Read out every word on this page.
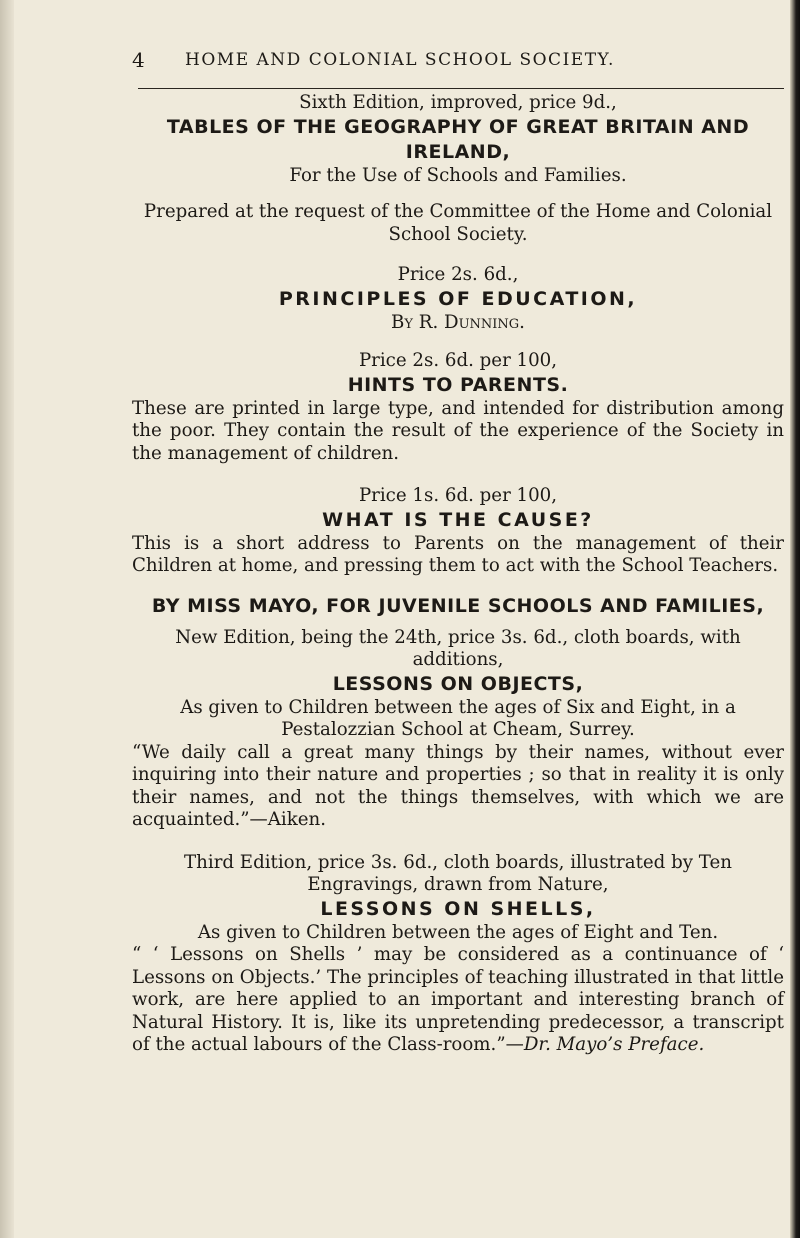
4	HOME AND COLONIAL SCHOOL SOCIETY.

Sixth Edition, improved, price 9d.,

TABLES OF THE GEOGRAPHY OF GREAT BRITAIN AND IRELAND,

For the Use of Schools and Families.

Prepared at the request of the Committee of the Home and Colonial School Society.

Price 2s. 6d.,

PRINCIPLES OF EDUCATION,

By R. Dunning.

Price 2s. 6d. per 100,

HINTS TO PARENTS.

These are printed in large type, and intended for distribution among the poor. They contain the result of the experience of the Society in the management of children.

Price 1s. 6d. per 100,

WHAT IS THE CAUSE?

This is a short address to Parents on the management of their Children at home, and pressing them to act with the School Teachers.

BY MISS MAYO, FOR JUVENILE SCHOOLS AND FAMILIES,

New Edition, being the 24th, price 3s. 6d., cloth boards, with additions,

LESSONS ON OBJECTS,

As given to Children between the ages of Six and Eight, in a Pestalozzian School at Cheam, Surrey.

“We daily call a great many things by their names, without ever inquiring into their nature and properties ; so that in reality it is only their names, and not the things themselves, with which we are acquainted.”—Aiken.

Third Edition, price 3s. 6d., cloth boards, illustrated by Ten Engravings, drawn from Nature,

LESSONS ON SHELLS,

As given to Children between the ages of Eight and Ten.

“ ‘ Lessons on Shells ’ may be considered as a continuance of ‘ Lessons on Objects.’ The principles of teaching illustrated in that little work, are here applied to an important and interesting branch of Natural History. It is, like its unpretending predecessor, a transcript of the actual labours of the Class-room.”—Dr. Mayo’s Preface.
